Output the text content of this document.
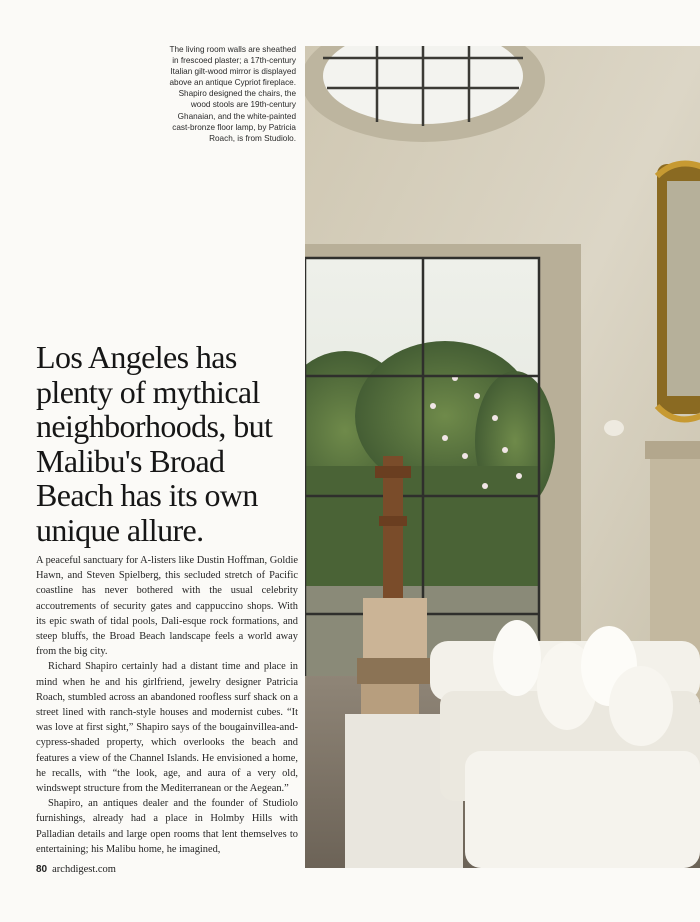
The living room walls are sheathed in frescoed plaster; a 17th-century Italian gilt-wood mirror is displayed above an antique Cypriot fireplace. Shapiro designed the chairs, the wood stools are 19th-century Ghanaian, and the white-painted cast-bronze floor lamp, by Patricia Roach, is from Studiolo.
Los Angeles has plenty of mythical neighborhoods, but Malibu's Broad Beach has its own unique allure.

A peaceful sanctuary for A-listers like Dustin Hoffman, Goldie Hawn, and Steven Spielberg, this secluded stretch of Pacific coastline has never bothered with the usual celebrity accoutrements of security gates and cappuccino shops. With its epic swath of tidal pools, Dali-esque rock formations, and steep bluffs, the Broad Beach landscape feels a world away from the big city.

Richard Shapiro certainly had a distant time and place in mind when he and his girlfriend, jewelry designer Patricia Roach, stumbled across an abandoned roofless surf shack on a street lined with ranch-style houses and modernist cubes. “It was love at first sight,” Shapiro says of the bougainvillea-and-cypress-shaded property, which overlooks the beach and features a view of the Channel Islands. He envisioned a home, he recalls, with “the look, age, and aura of a very old, windswept structure from the Mediterranean or the Aegean.”

Shapiro, an antiques dealer and the founder of Studiolo furnishings, already had a place in Holmby Hills with Palladian details and large open rooms that lent themselves to entertaining; his Malibu home, he imagined,

80 archdigest.com
